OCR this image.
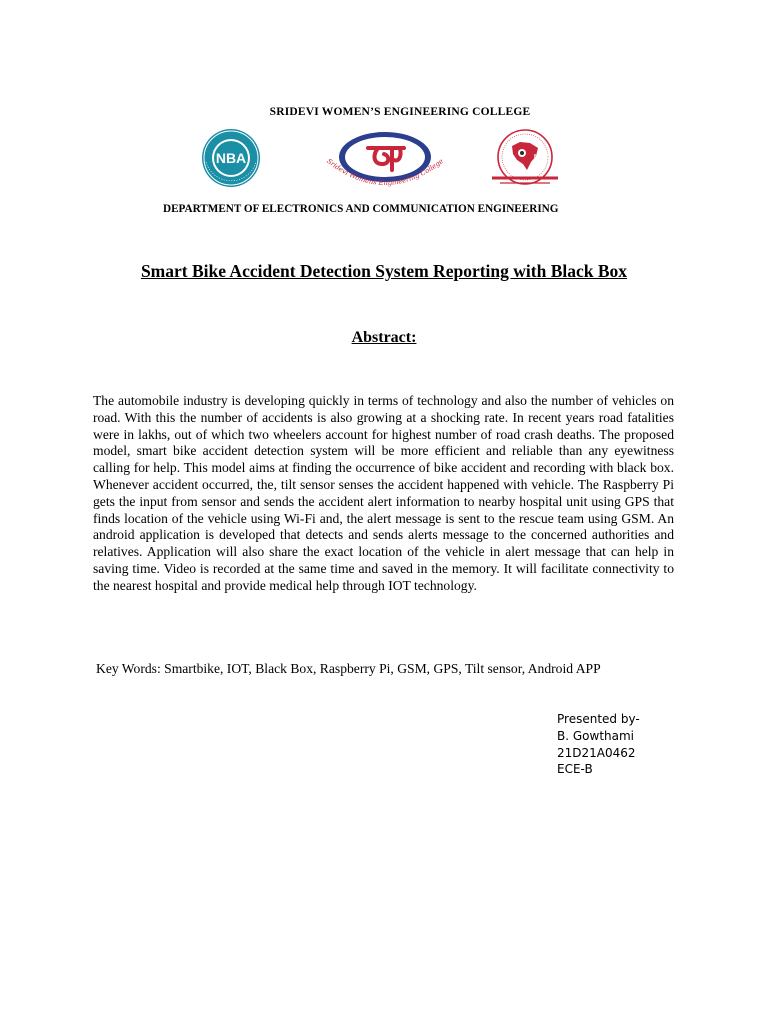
SRIDEVI WOMEN’S ENGINEERING COLLEGE
NBA	Sridevi Womens Engineering College
NAAC
DEPARTMENT OF ELECTRONICS AND COMMUNICATION ENGINEERING
Smart Bike Accident Detection System Reporting with Black Box
Abstract:

The automobile industry is developing quickly in terms of technology and also the number of vehicles on road. With this the number of accidents is also growing at a shocking rate. In recent years road fatalities were in lakhs, out of which two wheelers account for highest number of road crash deaths. The proposed model, smart bike accident detection system will be more efficient and reliable than any eyewitness calling for help. This model aims at finding the occurrence of bike accident and recording with black box. Whenever accident occurred, the, tilt sensor senses the accident happened with vehicle. The Raspberry Pi gets the input from sensor and sends the accident alert information to nearby hospital unit using GPS that finds location of the vehicle using Wi-Fi and, the alert message is sent to the rescue team using GSM. An android application is developed that detects and sends alerts message to the concerned authorities and relatives. Application will also share the exact location of the vehicle in alert message that can help in saving time. Video is recorded at the same time and saved in the memory. It will facilitate connectivity to the nearest hospital and provide medical help through IOT technology.

Key Words: Smartbike, IOT, Black Box, Raspberry Pi, GSM, GPS, Tilt sensor, Android APP
Presented by-
B. Gowthami
21D21A0462
ECE-B
